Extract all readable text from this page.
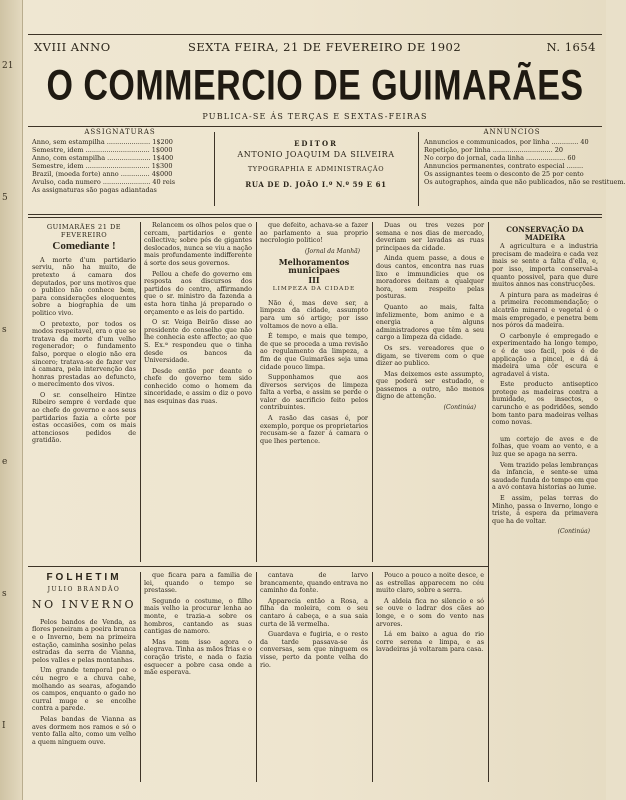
21
5
s
e
s
I
XVIII ANNO	SEXTA FEIRA, 21 DE FEVEREIRO DE 1902	N. 1654
O COMMERCIO DE GUIMARÃES
PUBLICA-SE ÁS TERÇAS E SEXTAS-FEIRAS
ASSIGNATURAS
Anno, sem estampilha ..................... 1$200
Semestre, idem ............................... 1$000
Anno, com estampilha ..................... 1$400
Semestre, idem ............................... 1$300
Brazil, (moeda forte) anno .............. 4$000
Avulso, cada numero ....................... 40 reis
As assignaturas são pagas adiantadas
EDITOR
ANTONIO JOAQUIM DA SILVEIRA
TYPOGRAPHIA E ADMINISTRAÇÃO
RUA DE D. JOÃO I.º N.º 59 E 61
ANNUNCIOS
Annuncios e communicados, por linha ............. 40
Repetição, por linha ............................. 20
No corpo do jornal, cada linha ................... 60
Annuncios permanentes, contrato especial ........
Os assignantes teem o desconto de 25 por cento
Os autographos, ainda que não publicados, não se restituem.
GUIMARÃES 21 DE FEVEREIRO
Comediante !

A morte d'um partidario serviu, não ha muito, de pretexto á camara dos deputados, por uns motivos que o publico não conhece bem, para considerações eloquentes sobre a biographia de um politico vivo.

O pretexto, por todos os modos respeitavel, era o que se tratava da morte d'um velho regenerador; o fundamento falso, porque o elogio não era sincero; tratava-se de fazer ver á camara, pela intervenção das honras prestadas ao defuncto, o merecimento dos vivos.

O sr. conselheiro Hintze Ribeiro sempre é verdade que ao chefe do governo e aos seus partidarios fazia a côrte por estas occasiões, com os mais attenciosos pedidos de gratidão.

Relancem os olhos pelos que o cercam, partidarios e gente collectiva; sobre pés de gigantes deslocados, nunca se viu a nação mais profundamente indifferente á sorte dos seus governos.

Pellou a chefe do governo em resposta aos discursos dos partidos do centro, affirmando que o sr. ministro da fazenda a esta hora tinha já preparado o orçamento e as leis do partido.

O sr. Veiga Beirão disse ao presidente do conselho que não lhe conhecia este affecto; ao que S. Ex.ª respondeu que o tinha desde os bancos da Universidade.

Desde então por deante o chefe do governo tem sido conhecido como o homem da sinceridade, e assim o diz o povo nas esquinas das ruas.

que defeito, achava-se a fazer ao parlamento a sua proprio necrologio politico!

(Jornal da Manhã)
Melhoramentos municipaes
III
LIMPEZA DA CIDADE

Não é, mas deve ser, a limpeza da cidade, assumpto para um só artigo; por isso voltamos de novo a ella.

É tempo, e mais que tempo, de que se proceda a uma revisão ao regulamento da limpeza, a fim de que Guimarães seja uma cidade pouco limpa.

Supponhamos que aos diversos serviços de limpeza falta a verba, e assim se perde o valor do sacrificio feito pelos contribuintes.

A rasão das casas é, por exemplo, porque os proprietarios recusam-se a fazer á camara o que lhes pertence.

Duas ou tres vezes por semana e nos dias de mercado, deveriam ser lavadas as ruas principaes da cidade.

Ainda quem passe, a dous e dous cantos, encontra nas ruas lixo e immundicies que os moradores deitam a qualquer hora, sem respeito pelas posturas.

Quanto ao mais, falta infelizmente, bom animo e a energia a alguns administradores que têm a seu cargo a limpeza da cidade.

Os srs. vereadores que o digam, se tiverem com o que dizer ao publico.

Mas deixemos este assumpto, que poderá ser estudado, e passemos a outro, não menos digno de attenção.

(Continúa)
CONSERVAÇÃO DA MADEIRA

A agricultura e a industria precisam de madeira e cada vez mais se sente a falta d'ella, e, por isso, importa conserval-a quanto possivel, para que dure muitos annos nas construcções.

A pintura para as madeiras é a primeira recommendação; o alcatrão mineral e vegetal é o mais empregado, e penetra bem nos póros da madeira.

O carbonyle é empregado e experimentado ha longo tempo, e é de uso facil, pois é de applicação a pincel, e dá á madeira uma côr escura e agradavel á vista.

Este producto antiseptico protege as madeiras contra a humidade, os insectos, o caruncho e as podridões, sendo bom tanto para madeiras velhas como novas.

um cortejo de aves e de folhas, que voam ao vento, e a luz que se apaga na serra.

Vem trazido pelas lembranças da infancia, e sente-se uma saudade funda do tempo em que a avó contava historias ao lume.

E assim, pelas terras do Minho, passa o Inverno, longo e triste, á espera da primavera que ha de voltar.

(Continúa)
FOLHETIM
JULIO BRANDÃO
NO INVERNO

Pelos bandos de Venda, as flores peneiram a poeira branca e o Inverno, bem na primeira estação, caminha sosinho pelas estradas da serra de Vianna, pelos valles e pelas montanhas.

Um grande temporal poz o céu negro e a chuva cahe, molhando as searas, afogando os campos, enquanto o gado no curral muge e se encolhe contra a parede.

Pelas bandas de Vianna as aves dormem nos ramos e só o vento falla alto, como um velho a quem ninguem ouve.

que ficara para a familia de lei, quando o tempo se prestasse.

Segundo o costume, o filho mais velho ia procurar lenha ao monte, e trazia-a sobre os hombros, cantando as suas cantigas de namoro.

Mas nem isso agora o alegrava. Tinha as mãos frias e o coração triste, e nada o fazia esquecer a pobre casa onde a mãe esperava.

cantava de larvo brancamente, quando entrava no caminho da fonte.

Apparecia então a Rosa, a filha da moleira, com o seu cantaro á cabeça, e a sua saia curta de lã vermelha.

Guardava e fugiria, e o resto da tarde passava-se ás conversas, sem que ninguem os visse, perto da ponte velha do rio.

Pouco a pouco a noite desce, e as estrellas apparecem no céu muito claro, sobre a serra.

A aldeia fica no silencio e só se ouve o ladrar dos cães ao longe, e o som do vento nas arvores.

Lá em baixo a agua do rio corre serena e limpa, e as lavadeiras já voltaram para casa.
